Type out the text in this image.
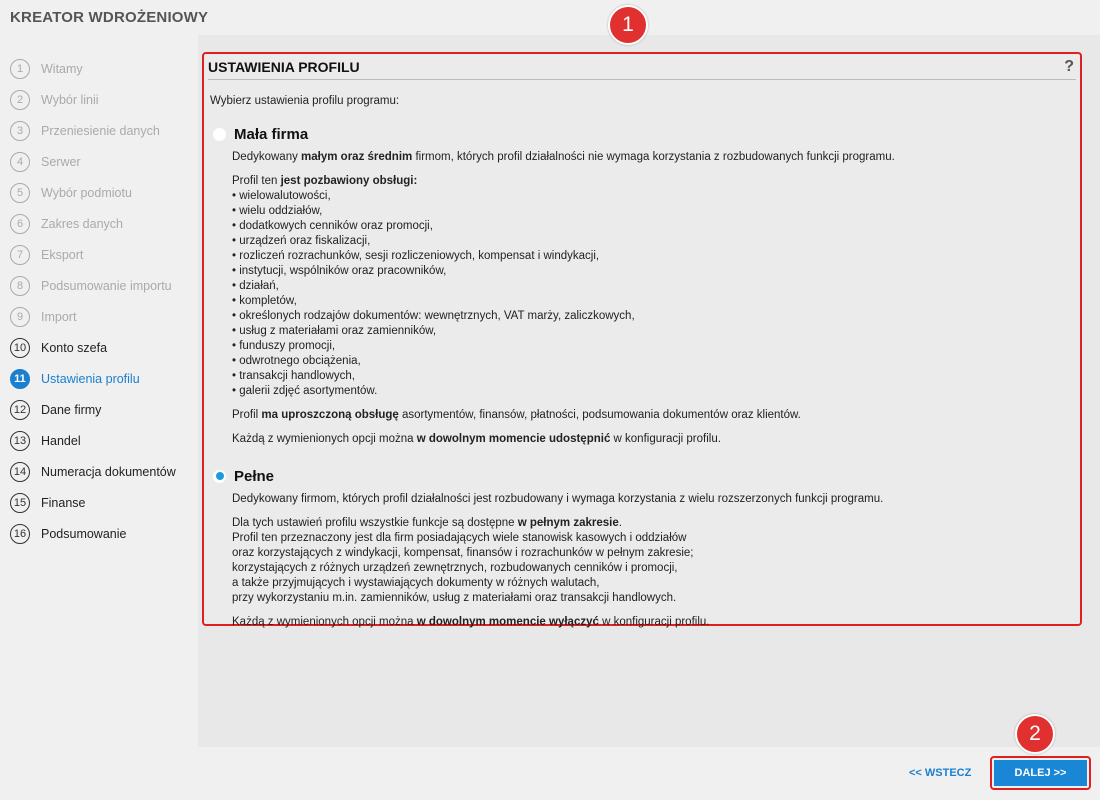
KREATOR WDROŻENIOWY
1	Witamy
2	Wybór linii
3	Przeniesienie danych
4	Serwer
5	Wybór podmiotu
6	Zakres danych
7	Eksport
8	Podsumowanie importu
9	Import
10	Konto szefa
11	Ustawienia profilu
12	Dane firmy
13	Handel
14	Numeracja dokumentów
15	Finanse
16	Podsumowanie
USTAWIENIA PROFILU	?
Wybierz ustawienia profilu programu:
Mała firma
Dedykowany małym oraz średnim firmom, których profil działalności nie wymaga korzystania z rozbudowanych funkcji programu.
Profil ten jest pozbawiony obsługi:
• wielowalutowości,
• wielu oddziałów,
• dodatkowych cenników oraz promocji,
• urządzeń oraz fiskalizacji,
• rozliczeń rozrachunków, sesji rozliczeniowych, kompensat i windykacji,
• instytucji, wspólników oraz pracowników,
• działań,
• kompletów,
• określonych rodzajów dokumentów: wewnętrznych, VAT marży, zaliczkowych,
• usług z materiałami oraz zamienników,
• funduszy promocji,
• odwrotnego obciążenia,
• transakcji handlowych,
• galerii zdjęć asortymentów.
Profil ma uproszczoną obsługę asortymentów, finansów, płatności, podsumowania dokumentów oraz klientów.
Każdą z wymienionych opcji można w dowolnym momencie udostępnić w konfiguracji profilu.
Pełne
Dedykowany firmom, których profil działalności jest rozbudowany i wymaga korzystania z wielu rozszerzonych funkcji programu.
Dla tych ustawień profilu wszystkie funkcje są dostępne w pełnym zakresie.
Profil ten przeznaczony jest dla firm posiadających wiele stanowisk kasowych i oddziałów
oraz korzystających z windykacji, kompensat, finansów i rozrachunków w pełnym zakresie;
korzystających z różnych urządzeń zewnętrznych, rozbudowanych cenników i promocji,
a także przyjmujących i wystawiających dokumenty w różnych walutach,
przy wykorzystaniu m.in. zamienników, usług z materiałami oraz transakcji handlowych.
Każdą z wymienionych opcji można w dowolnym momencie wyłączyć w konfiguracji profilu.
<< WSTECZ	DALEJ >>
1
2
